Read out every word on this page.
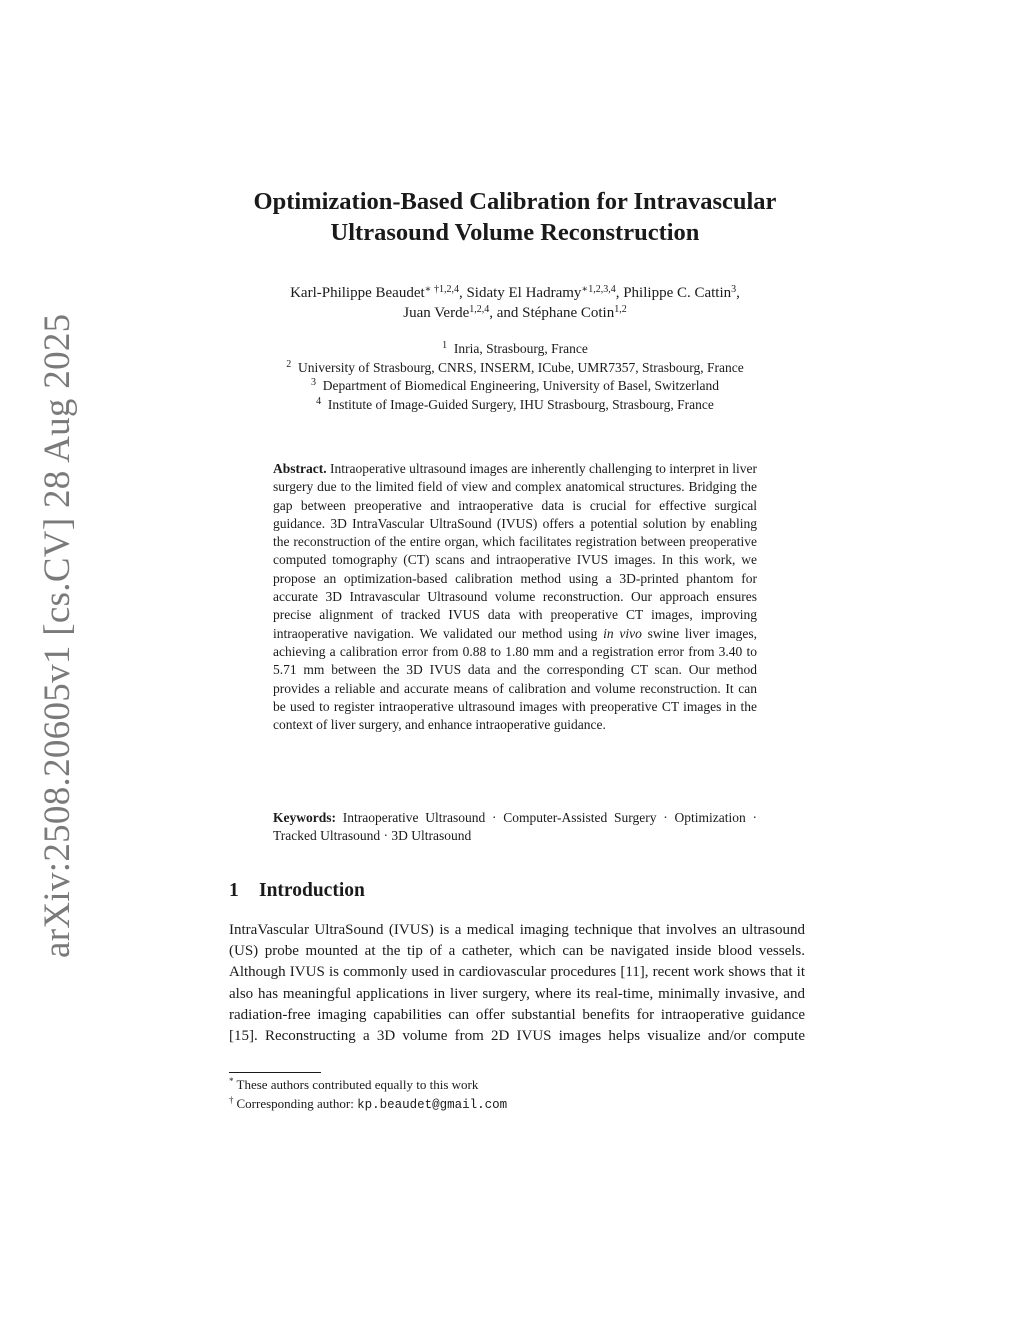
arXiv:2508.20605v1 [cs.CV] 28 Aug 2025
Optimization-Based Calibration for Intravascular
Ultrasound Volume Reconstruction
Karl-Philippe Beaudet$^{∗ \dagger 1,2,4}$, Sidaty El Hadramy$^{∗1,2,3,4}$, Philippe C. Cattin$^3$,
Juan Verde$^{1,2,4}$, and Stéphane Cotin$^{1,2}$
$^1$ Inria, Strasbourg, France
$^2$ University of Strasbourg, CNRS, INSERM, ICube, UMR7357, Strasbourg, France
$^3$ Department of Biomedical Engineering, University of Basel, Switzerland
$^4$ Institute of Image-Guided Surgery, IHU Strasbourg, Strasbourg, France
Abstract. Intraoperative ultrasound images are inherently challenging to interpret in liver surgery due to the limited field of view and complex anatomical structures. Bridging the gap between preoperative and intraoperative data is crucial for effective surgical guidance. 3D IntraVascular UltraSound (IVUS) offers a potential solution by enabling the reconstruction of the entire organ, which facilitates registration between preoperative computed tomography (CT) scans and intraoperative IVUS images. In this work, we propose an optimization-based calibration method using a 3D-printed phantom for accurate 3D Intravascular Ultrasound volume reconstruction. Our approach ensures precise alignment of tracked IVUS data with preoperative CT images, improving intraoperative navigation. We validated our method using in vivo swine liver images, achieving a calibration error from 0.88 to 1.80 mm and a registration error from 3.40 to 5.71 mm between the 3D IVUS data and the corresponding CT scan. Our method provides a reliable and accurate means of calibration and volume reconstruction. It can be used to register intraoperative ultrasound images with preoperative CT images in the context of liver surgery, and enhance intraoperative guidance.
Keywords: Intraoperative Ultrasound · Computer-Assisted Surgery · Optimization · Tracked Ultrasound · 3D Ultrasound
1 Introduction
IntraVascular UltraSound (IVUS) is a medical imaging technique that involves an ultrasound (US) probe mounted at the tip of a catheter, which can be navigated inside blood vessels. Although IVUS is commonly used in cardiovascular procedures [11], recent work shows that it also has meaningful applications in liver surgery, where its real-time, minimally invasive, and radiation-free imaging capabilities can offer substantial benefits for intraoperative guidance [15]. Reconstructing a 3D volume from 2D IVUS images helps visualize and/or compute
* These authors contributed equally to this work
† Corresponding author: kp.beaudet@gmail.com
